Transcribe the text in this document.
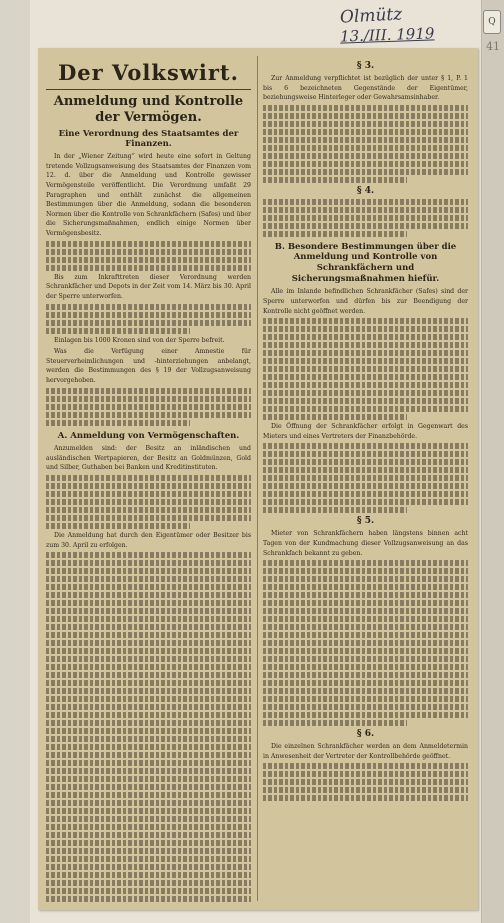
Q
41
Olmütz
13./III. 1919
Der Volkswirt.
Anmeldung und Kontrolle der Vermögen.
Eine Verordnung des Staatsamtes der Finanzen.

In der „Wiener Zeitung“ wird heute eine sofort in Geltung tretende Vollzugsanweisung des Staatsamtes der Finanzen vom 12. d. über die Anmeldung und Kontrolle gewisser Vermögensteile veröffentlicht. Die Verordnung umfaßt 29 Paragraphen und enthält zunächst die allgemeinen Bestimmungen über die Anmeldung, sodann die besonderen Normen über die Kontrolle von Schrankfächern (Safes) und über die Sicherungsmaßnahmen, endlich einige Normen über Vermögensbesitz.

Bis zum Inkrafttreten dieser Verordnung werden Schrankfächer und Depots in der Zeit vom 14. März bis 30. April der Sperre unterworfen.

Einlagen bis 1000 Kronen sind von der Sperre befreit.

Was die Verfügung einer Amnestie für Steuerverheimlichungen und -hinterziehungen anbelangt, werden die Bestimmungen des § 19 der Vollzugsanweisung hervorgehoben.

A. Anmeldung von Vermögenschaften.

Anzumelden sind: der Besitz an inländischen und ausländischen Wertpapieren, der Besitz an Goldmünzen, Gold und Silber, Guthaben bei Banken und Kreditinstituten.

Die Anmeldung hat durch den Eigentümer oder Besitzer bis zum 30. April zu erfolgen.

§ 3.

Zur Anmeldung verpflichtet ist bezüglich der unter § 1, P. 1 bis 6 bezeichneten Gegenstände der Eigentümer, beziehungsweise Hinterleger oder Gewahrsamsinhaber.

§ 4.
B. Besondere Bestimmungen über die Anmeldung und Kontrolle von Schrankfächern und Sicherungsmaßnahmen hiefür.

Alle im Inlande befindlichen Schrankfächer (Safes) sind der Sperre unterworfen und dürfen bis zur Beendigung der Kontrolle nicht geöffnet werden.

Die Öffnung der Schrankfächer erfolgt in Gegenwart des Mieters und eines Vertreters der Finanzbehörde.

§ 5.

Mieter von Schrankfächern haben längstens binnen acht Tagen von der Kundmachung dieser Vollzugsanweisung an das Schrankfach bekannt zu geben.

§ 6.

Die einzelnen Schrankfächer werden an dem Anmeldetermin in Anwesenheit der Vertreter der Kontrollbehörde geöffnet.
